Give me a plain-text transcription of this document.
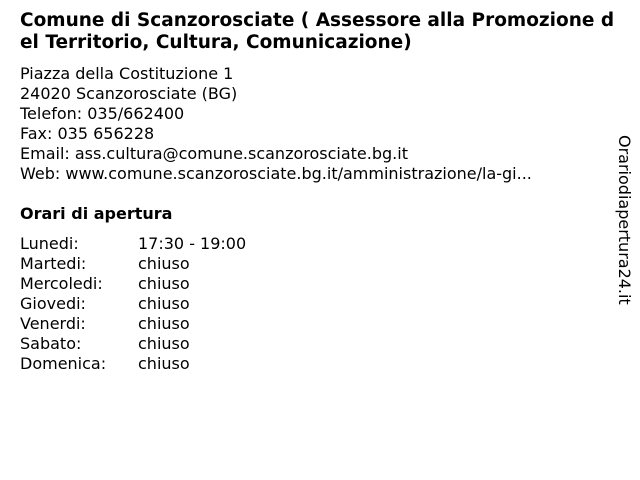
Comune di Scanzorosciate ( Assessore alla Promozione del Territorio, Cultura, Comunicazione)
Piazza della Costituzione 1
24020 Scanzorosciate (BG)
Telefon: 035/662400
Fax: 035 656228
Email: ass.cultura@comune.scanzorosciate.bg.it
Web: www.comune.scanzorosciate.bg.it/amministrazione/la-gi...
Orari di apertura
Lunedi:	17:30 - 19:00
Martedi:	chiuso
Mercoledi:	chiuso
Giovedi:	chiuso
Venerdi:	chiuso
Sabato:	chiuso
Domenica:	chiuso
Orariodiapertura24.it
